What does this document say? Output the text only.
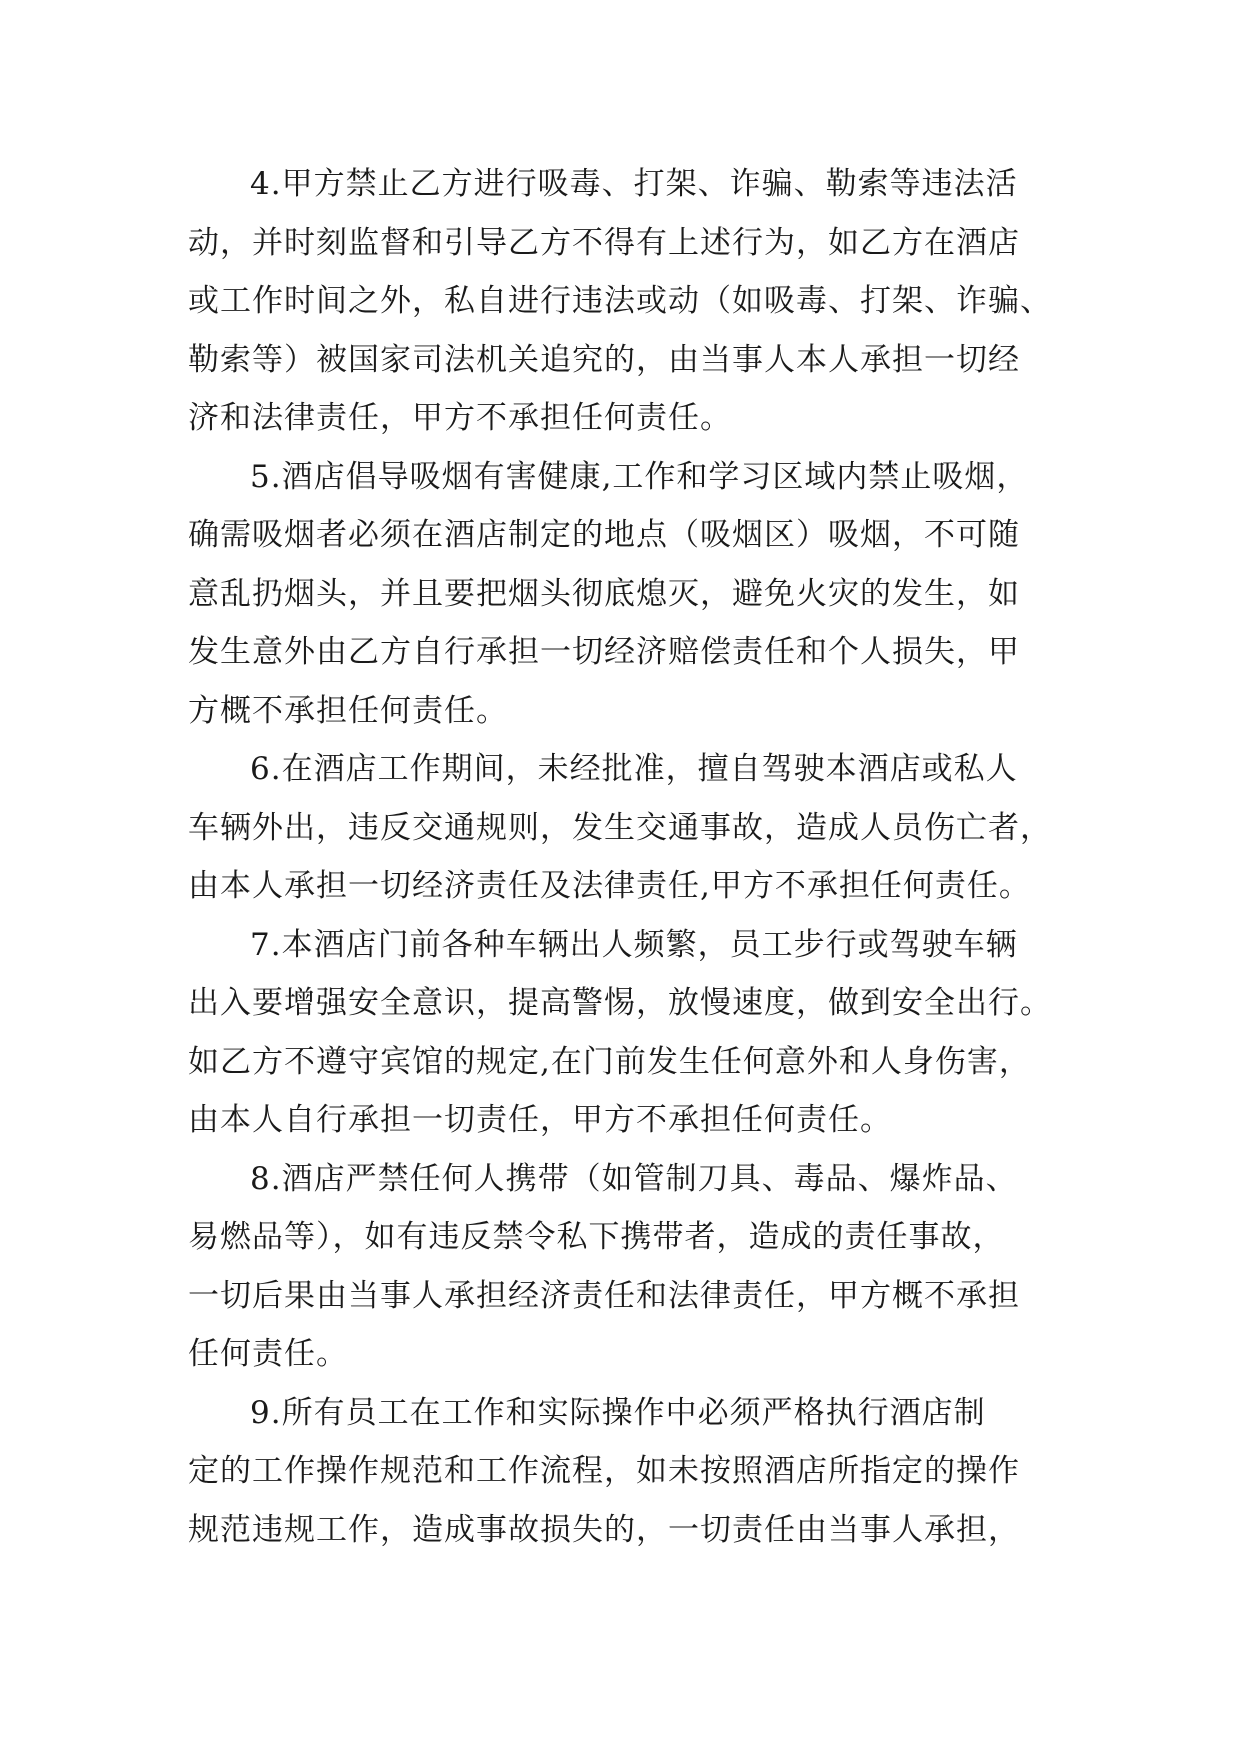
4.甲方禁止乙方进行吸毒、打架、诈骗、勒索等违法活
动，并时刻监督和引导乙方不得有上述行为，如乙方在酒店
或工作时间之外，私自进行违法或动（如吸毒、打架、诈骗、
勒索等）被国家司法机关追究的，由当事人本人承担一切经
济和法律责任，甲方不承担任何责任。
5.酒店倡导吸烟有害健康,工作和学习区域内禁止吸烟，
确需吸烟者必须在酒店制定的地点（吸烟区）吸烟，不可随
意乱扔烟头，并且要把烟头彻底熄灭，避免火灾的发生，如
发生意外由乙方自行承担一切经济赔偿责任和个人损失，甲
方概不承担任何责任。
6.在酒店工作期间，未经批准，擅自驾驶本酒店或私人
车辆外出，违反交通规则，发生交通事故，造成人员伤亡者，
由本人承担一切经济责任及法律责任,甲方不承担任何责任。
7.本酒店门前各种车辆出人频繁，员工步行或驾驶车辆
出入要增强安全意识，提高警惕，放慢速度，做到安全出行。
如乙方不遵守宾馆的规定,在门前发生任何意外和人身伤害，
由本人自行承担一切责任，甲方不承担任何责任。
8.酒店严禁任何人携带（如管制刀具、毒品、爆炸品、
易燃品等），如有违反禁令私下携带者，造成的责任事故，
一切后果由当事人承担经济责任和法律责任，甲方概不承担
任何责任。
9.所有员工在工作和实际操作中必须严格执行酒店制
定的工作操作规范和工作流程，如未按照酒店所指定的操作
规范违规工作，造成事故损失的，一切责任由当事人承担，
